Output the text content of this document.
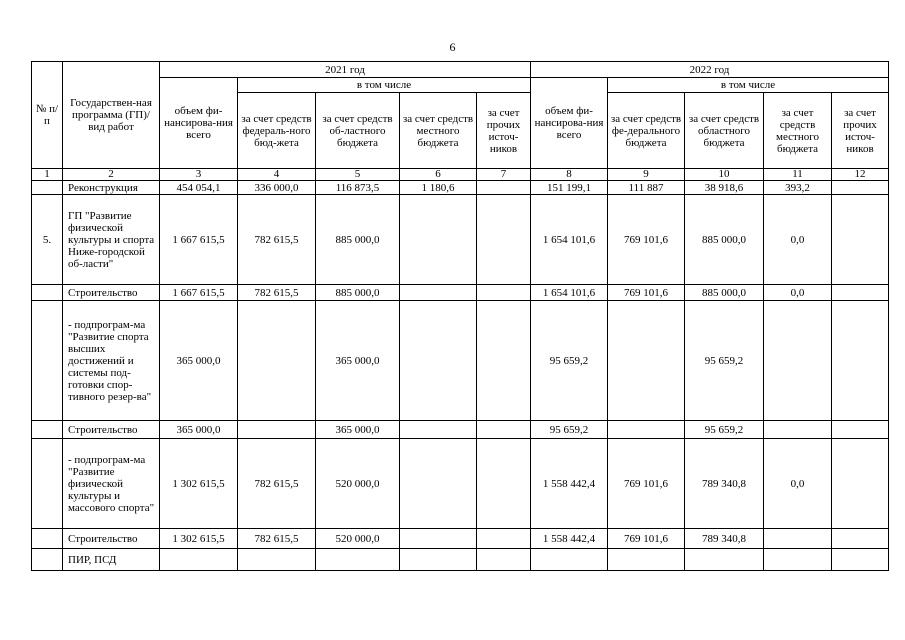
6
№ п/п	Государствен-ная программа (ГП)/ вид работ	2021 год					2022 год				
		объем фи-нансирова-ния всего	в том числе				объем фи-нансирова-ния всего	в том числе			
			за счет средств федераль-ного бюд-жета	за счет средств об-ластного бюджета	за счет средств местного бюджета	за счет прочих источ-ников		за счет средств фе-дерального бюджета	за счет средств областного бюджета	за счет средств местного бюджета	за счет прочих источ-ников
1	2	3	4	5	6	7	8	9	10	11	12
	Реконструкция	454 054,1	336 000,0	116 873,5	1 180,6		151 199,1	111 887	38 918,6	393,2	
5.	ГП "Развитие физической культуры и спорта Ниже-городской об-ласти"	1 667 615,5	782 615,5	885 000,0			1 654 101,6	769 101,6	885 000,0	0,0	
	Строительство	1 667 615,5	782 615,5	885 000,0			1 654 101,6	769 101,6	885 000,0	0,0	
	- подпрограм-ма "Развитие спорта высших достижений и системы под-готовки спор-тивного резер-ва"	365 000,0		365 000,0			95 659,2		95 659,2		
	Строительство	365 000,0		365 000,0			95 659,2		95 659,2		
	- подпрограм-ма "Развитие физической культуры и массового спорта"	1 302 615,5	782 615,5	520 000,0			1 558 442,4	769 101,6	789 340,8	0,0	
	Строительство	1 302 615,5	782 615,5	520 000,0			1 558 442,4	769 101,6	789 340,8		
	ПИР, ПСД										
